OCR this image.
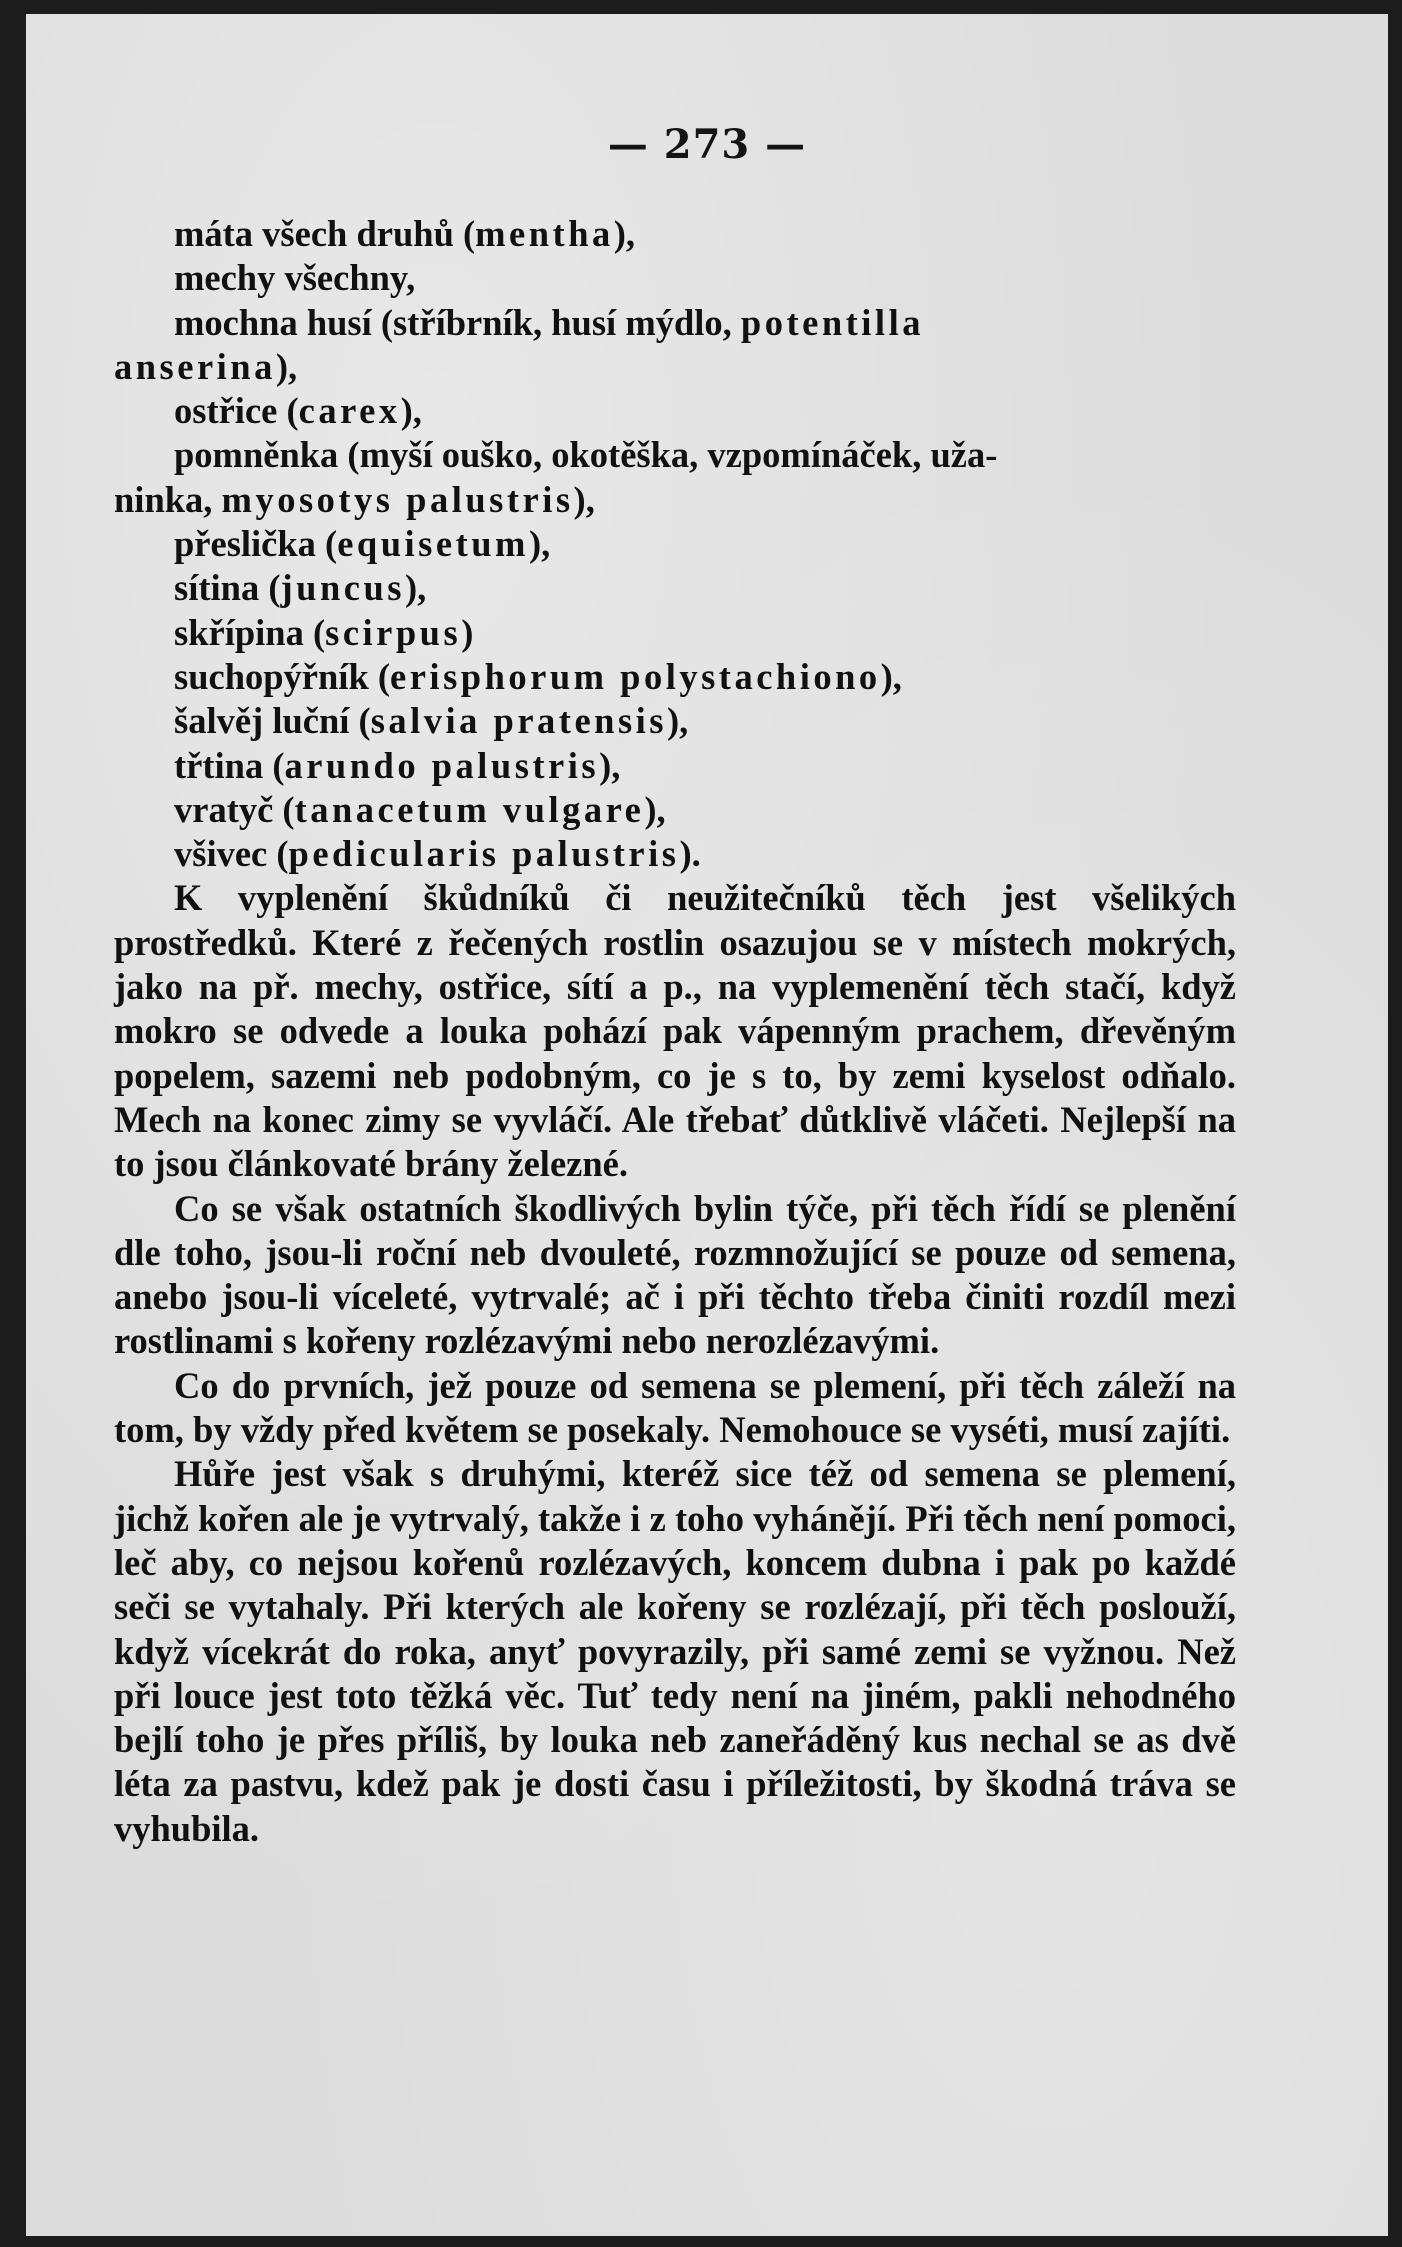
— 273 —
máta všech druhů (mentha),
mechy všechny,
mochna husí (stříbrník, husí mýdlo, potentilla
anserina),
ostřice (carex),
pomněnka (myší ouško, okotěška, vzpomínáček, uža-
ninka, myosotys palustris),
přeslička (equisetum),
sítina (juncus),
skřípina (scirpus)
suchopýřník (erisphorum polystachiono),
šalvěj luční (salvia pratensis),
třtina (arundo palustris),
vratyč (tanacetum vulgare),
všivec (pedicularis palustris).
K vyplenění škůdníků či neužitečníků těch jest všelikých prostředků. Které z řečených rostlin osazujou se v místech mokrých, jako na př. mechy, ostřice, sítí a p., na vyplemenění těch stačí, když mokro se odvede a louka pohází pak vápenným prachem, dřevěným popelem, sazemi neb podobným, co je s to, by zemi kyselost odňalo. Mech na konec zimy se vyvláčí. Ale třebať důtklivě vláčeti. Nejlepší na to jsou článkovaté brány železné.
Co se však ostatních škodlivých bylin týče, při těch řídí se plenění dle toho, jsou-li roční neb dvouleté, rozmnožující se pouze od semena, anebo jsou-li víceleté, vytrvalé; ač i při těchto třeba činiti rozdíl mezi rostlinami s kořeny rozlézavými nebo nerozlézavými.
Co do prvních, jež pouze od semena se plemení, při těch záleží na tom, by vždy před květem se posekaly. Nemohouce se vyséti, musí zajíti.
Hůře jest však s druhými, kteréž sice též od semena se plemení, jichž kořen ale je vytrvalý, takže i z toho vyhánějí. Při těch není pomoci, leč aby, co nejsou kořenů rozlézavých, koncem dubna i pak po každé seči se vytahaly. Při kterých ale kořeny se rozlézají, při těch poslouží, když vícekrát do roka, anyť povyrazily, při samé zemi se vyžnou. Než při louce jest toto těžká věc. Tuť tedy není na jiném, pakli nehodného bejlí toho je přes příliš, by louka neb zaneřáděný kus nechal se as dvě léta za pastvu, kdež pak je dosti času i příležitosti, by škodná tráva se vyhubila.
